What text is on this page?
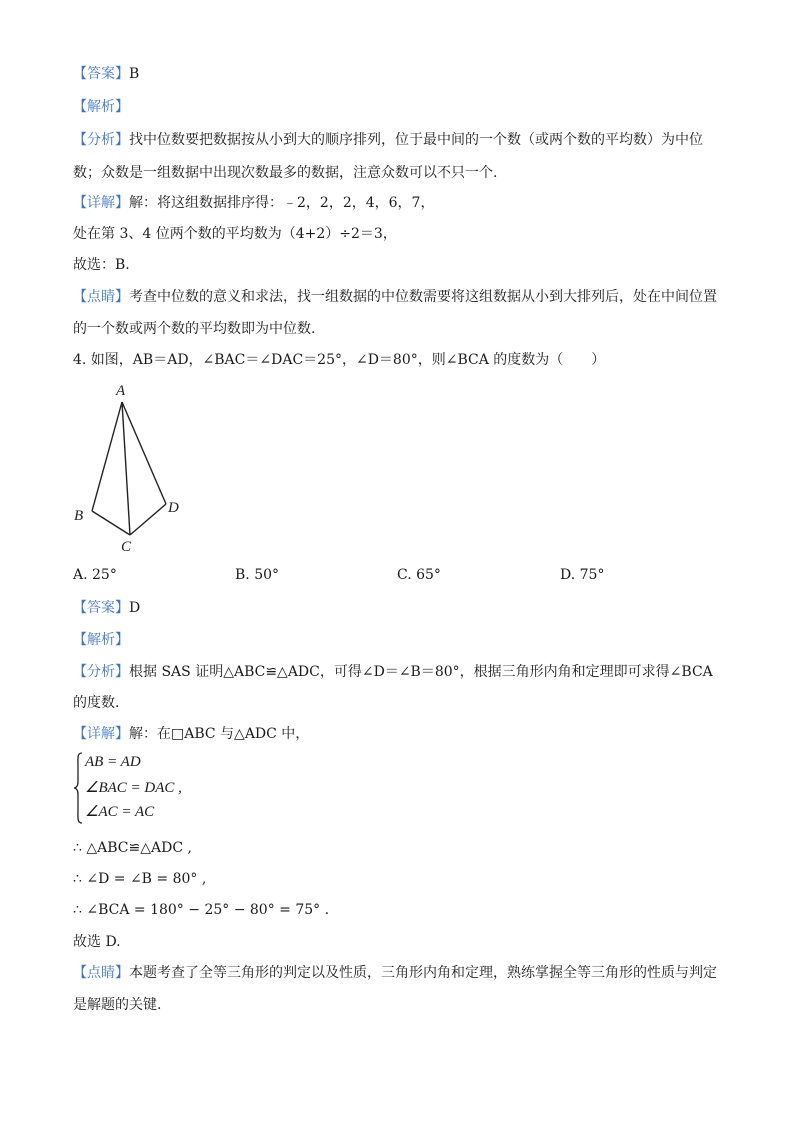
【答案】B
【解析】
【分析】找中位数要把数据按从小到大的顺序排列，位于最中间的一个数（或两个数的平均数）为中位
数；众数是一组数据中出现次数最多的数据，注意众数可以不只一个.
【详解】解：将这组数据排序得：﹣2，2，2，4，6，7，
处在第 3、4 位两个数的平均数为（4+2）÷2＝3，
故选：B.
【点睛】考查中位数的意义和求法，找一组数据的中位数需要将这组数据从小到大排列后，处在中间位置
的一个数或两个数的平均数即为中位数.
4. 如图，AB＝AD，∠BAC＝∠DAC＝25°，∠D＝80°，则∠BCA 的度数为（　　）
A
B
C
D
A. 25°	B. 50°	C. 65°	D. 75°
【答案】D
【解析】
【分析】根据 SAS 证明△ABC≌△ADC，可得∠D＝∠B＝80°，根据三角形内角和定理即可求得∠BCA
的度数.
【详解】解：在□ABC 与△ADC 中，
AB = AD
∠BAC = DAC ,
∠AC = AC
∴ △ABC≌△ADC ,
∴ ∠D = ∠B = 80° ,
∴ ∠BCA = 180° − 25° − 80° = 75° .
故选 D.
【点睛】本题考查了全等三角形的判定以及性质，三角形内角和定理，熟练掌握全等三角形的性质与判定
是解题的关键.
